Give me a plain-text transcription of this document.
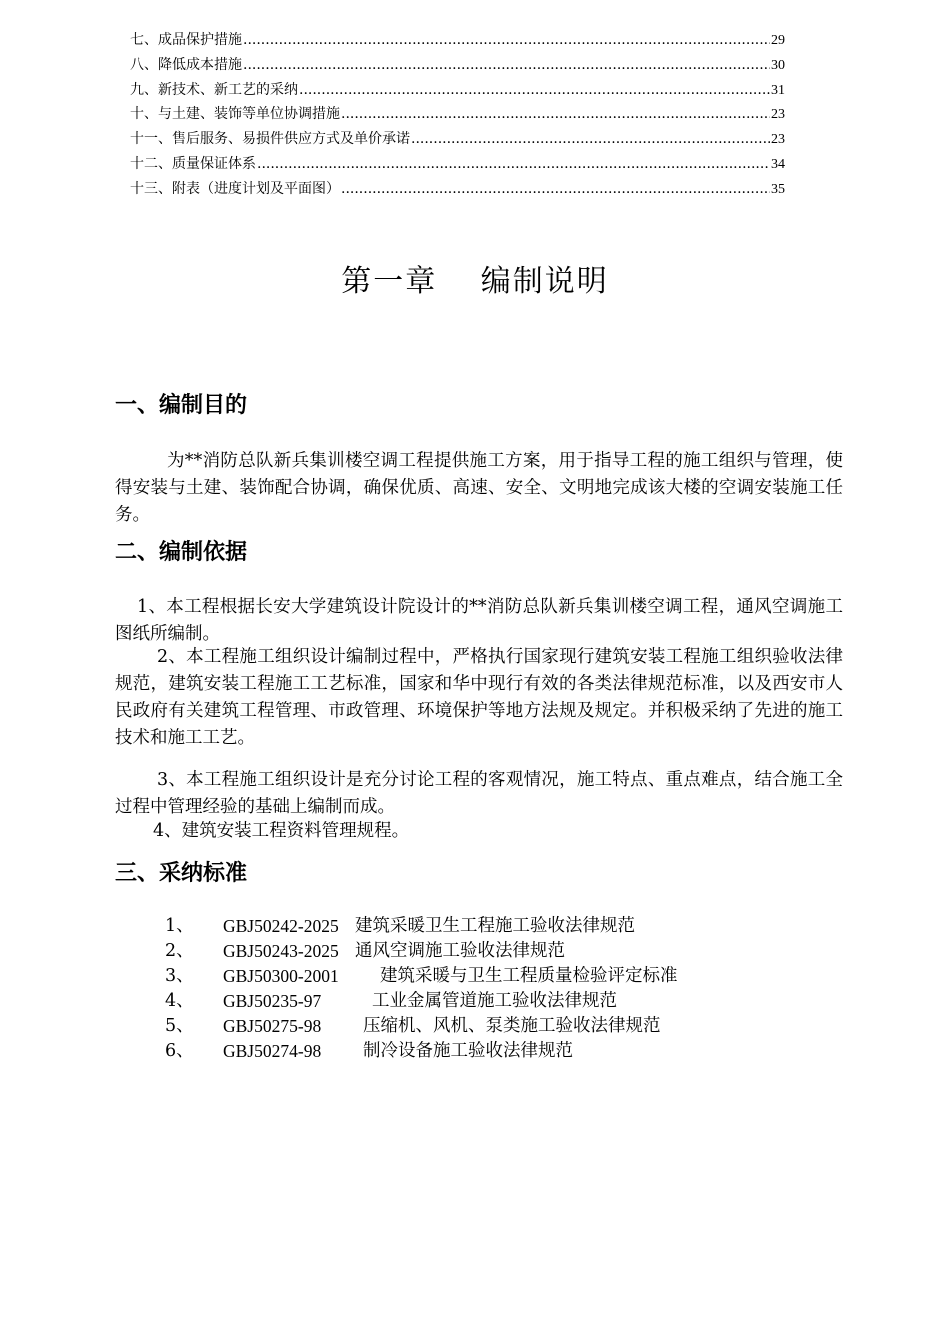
七、成品保护措施 .....	29
八、降低成本措施 .....	30
九、新技术、新工艺的采纳 .....	31
十、与土建、装饰等单位协调措施 .....	23
十一、售后服务、易损件供应方式及单价承诺 .....	23
十二、质量保证体系 .....	34
十三、附表（进度计划及平面图） .....	35
第一章　 编制说明
一、编制目的
为**消防总队新兵集训楼空调工程提供施工方案，用于指导工程的施工组织与管理，使得安装与土建、装饰配合协调，确保优质、高速、安全、文明地完成该大楼的空调安装施工任务。
二、编制依据
1、本工程根据长安大学建筑设计院设计的**消防总队新兵集训楼空调工程，通风空调施工图纸所编制。
2、本工程施工组织设计编制过程中，严格执行国家现行建筑安装工程施工组织验收法律规范，建筑安装工程施工工艺标准，国家和华中现行有效的各类法律规范标准，以及西安市人民政府有关建筑工程管理、市政管理、环境保护等地方法规及规定。并积极采纳了先进的施工技术和施工工艺。
3、本工程施工组织设计是充分讨论工程的客观情况，施工特点、重点难点，结合施工全过程中管理经验的基础上编制而成。
4、建筑安装工程资料管理规程。
三、采纳标准
1、 GBJ50242-2025 建筑采暖卫生工程施工验收法律规范
2、 GBJ50243-2025 通风空调施工验收法律规范
3、 GBJ50300-2001 建筑采暖与卫生工程质量检验评定标准
4、 GBJ50235-97	工业金属管道施工验收法律规范
5、 GBJ50275-98 压缩机、风机、泵类施工验收法律规范
6、 GBJ50274-98 制冷设备施工验收法律规范
